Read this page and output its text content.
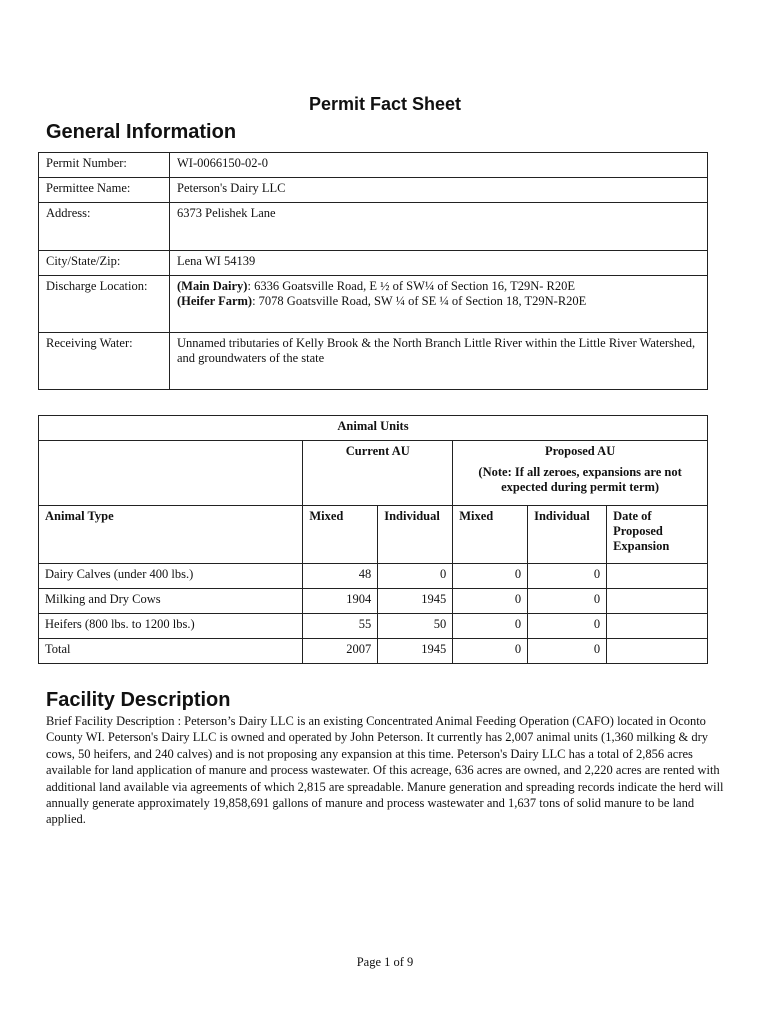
Permit Fact Sheet
General Information
Permit Number:	WI-0066150-02-0
Permittee Name:	Peterson's Dairy LLC
Address:	6373 Pelishek Lane
City/State/Zip:	Lena WI 54139
Discharge Location:	(Main Dairy): 6336 Goatsville Road, E ½ of SW¼ of Section 16, T29N- R20E
(Heifer Farm): 7078 Goatsville Road, SW ¼ of SE ¼ of Section 18, T29N-R20E

Receiving Water:	Unnamed tributaries of Kelly Brook & the North Branch Little River within the Little River Watershed, and groundwaters of the state
Animal Units					
	Current AU		Proposed AU
(Note: If all zeroes, expansions are not expected during permit term)		

Animal Type	Mixed	Individual	Mixed	Individual	Date of Proposed Expansion
Dairy Calves (under 400 lbs.)	48	0	0	0	
Milking and Dry Cows	1904	1945	0	0	
Heifers (800 lbs. to 1200 lbs.)	55	50	0	0	
Total	2007	1945	0	0	
Facility Description
Brief Facility Description : Peterson’s Dairy LLC is an existing Concentrated Animal Feeding Operation (CAFO) located in Oconto County WI. Peterson's Dairy LLC is owned and operated by John Peterson. It currently has 2,007 animal units (1,360 milking & dry cows, 50 heifers, and 240 calves) and is not proposing any expansion at this time. Peterson's Dairy LLC has a total of 2,856 acres available for land application of manure and process wastewater. Of this acreage, 636 acres are owned, and 2,220 acres are rented with additional land available via agreements of which 2,815 are spreadable. Manure generation and spreading records indicate the herd will annually generate approximately 19,858,691 gallons of manure and process wastewater and 1,637 tons of solid manure to be land applied.
Page 1 of 9
